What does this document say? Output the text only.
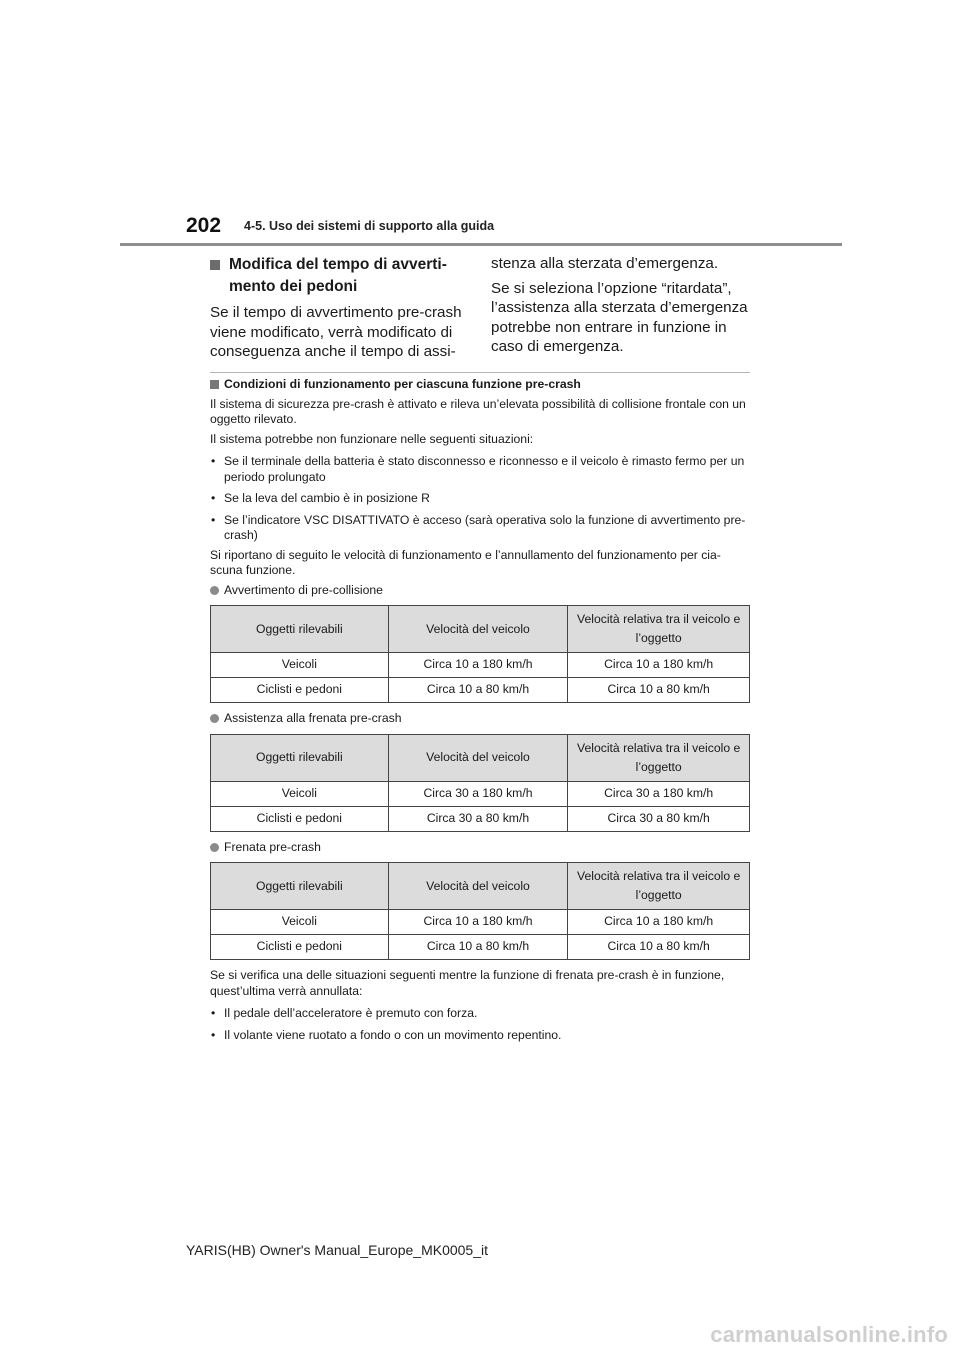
202 4-5. Uso dei sistemi di supporto alla guida
Modifica del tempo di avverti-mento dei pedoni

Se il tempo di avvertimento pre-crash viene modificato, verrà modificato di conseguenza anche il tempo di assi-

stenza alla sterzata d’emergenza.

Se si seleziona l’opzione “ritardata”, l’assistenza alla sterzata d’emergenza potrebbe non entrare in funzione in caso di emergenza.

Condizioni di funzionamento per ciascuna funzione pre-crash

Il sistema di sicurezza pre-crash è attivato e rileva un’elevata possibilità di collisione frontale con un oggetto rilevato.

Il sistema potrebbe non funzionare nelle seguenti situazioni:

• Se il terminale della batteria è stato disconnesso e riconnesso e il veicolo è rimasto fermo per un periodo prolungato
• Se la leva del cambio è in posizione R
• Se l’indicatore VSC DISATTIVATO è acceso (sarà operativa solo la funzione di avvertimento pre-crash)

Si riportano di seguito le velocità di funzionamento e l’annullamento del funzionamento per cia-scuna funzione.

Avvertimento di pre-collisione
Oggetti rilevabili	Velocità del veicolo	Velocità relativa tra il veicolo e l’oggetto
Veicoli	Circa 10 a 180 km/h	Circa 10 a 180 km/h
Ciclisti e pedoni	Circa 10 a 80 km/h	Circa 10 a 80 km/h
Assistenza alla frenata pre-crash
Oggetti rilevabili	Velocità del veicolo	Velocità relativa tra il veicolo e l’oggetto
Veicoli	Circa 30 a 180 km/h	Circa 30 a 180 km/h
Ciclisti e pedoni	Circa 30 a 80 km/h	Circa 30 a 80 km/h
Frenata pre-crash
Oggetti rilevabili	Velocità del veicolo	Velocità relativa tra il veicolo e l’oggetto
Veicoli	Circa 10 a 180 km/h	Circa 10 a 180 km/h
Ciclisti e pedoni	Circa 10 a 80 km/h	Circa 10 a 80 km/h

Se si verifica una delle situazioni seguenti mentre la funzione di frenata pre-crash è in funzione, quest’ultima verrà annullata:

• Il pedale dell’acceleratore è premuto con forza.
• Il volante viene ruotato a fondo o con un movimento repentino.
YARIS(HB) Owner's Manual_Europe_MK0005_it
carmanualsonline.info
